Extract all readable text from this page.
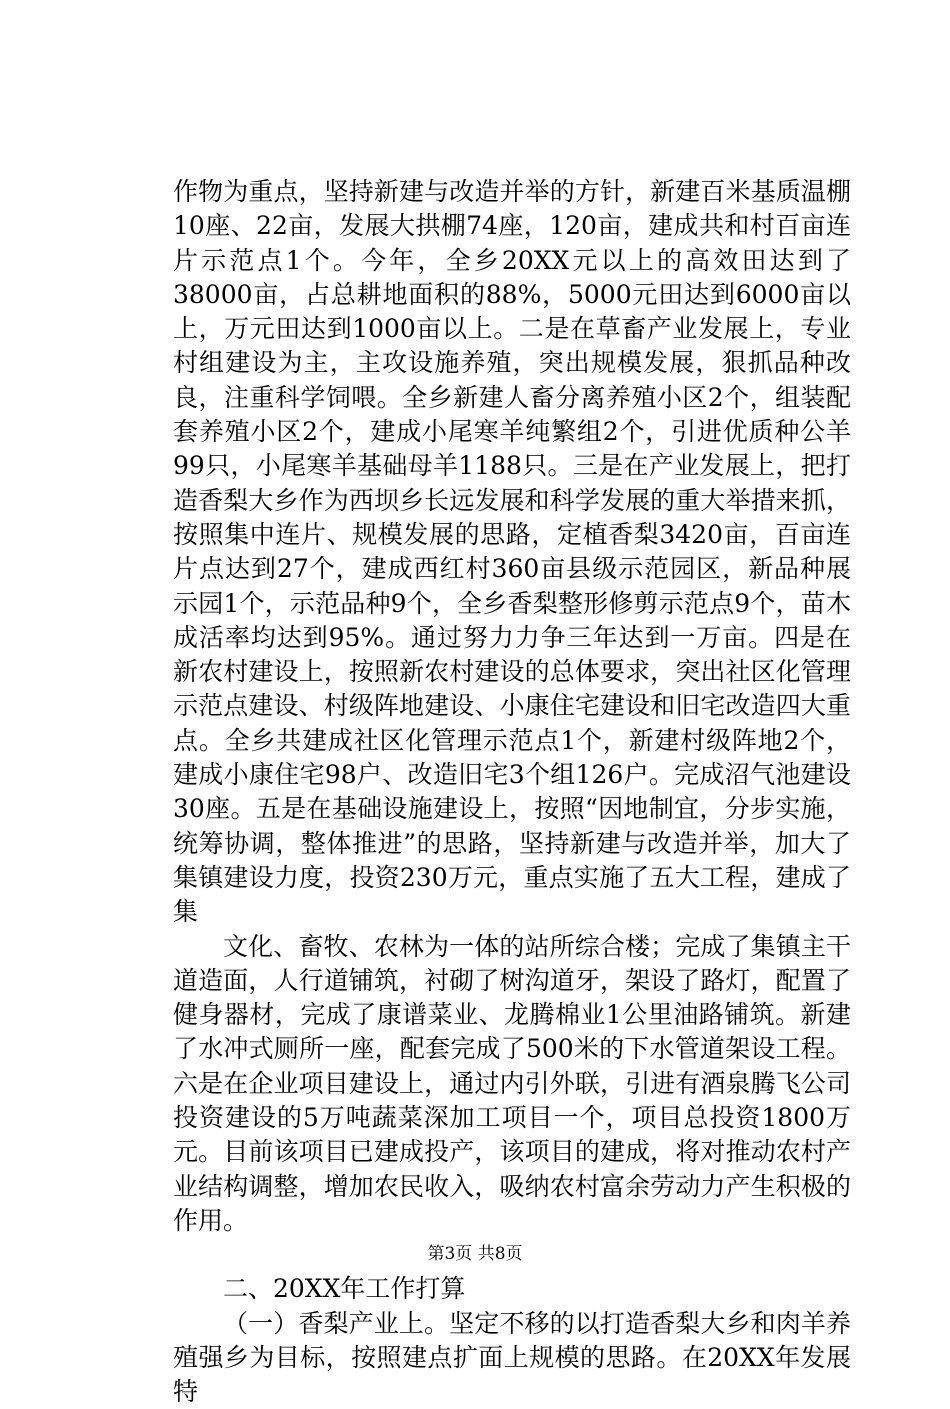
作物为重点，坚持新建与改造并举的方针，新建百米基质温棚10座、22亩，发展大拱棚74座，120亩，建成共和村百亩连片示范点1个。今年，全乡20XX元以上的高效田达到了38000亩，占总耕地面积的88%，5000元田达到6000亩以上，万元田达到1000亩以上。二是在草畜产业发展上，专业村组建设为主，主攻设施养殖，突出规模发展，狠抓品种改良，注重科学饲喂。全乡新建人畜分离养殖小区2个，组装配套养殖小区2个，建成小尾寒羊纯繁组2个，引进优质种公羊99只，小尾寒羊基础母羊1188只。三是在产业发展上，把打造香梨大乡作为西坝乡长远发展和科学发展的重大举措来抓，按照集中连片、规模发展的思路，定植香梨3420亩，百亩连片点达到27个，建成西红村360亩县级示范园区，新品种展示园1个，示范品种9个，全乡香梨整形修剪示范点9个，苗木成活率均达到95%。通过努力力争三年达到一万亩。四是在新农村建设上，按照新农村建设的总体要求，突出社区化管理示范点建设、村级阵地建设、小康住宅建设和旧宅改造四大重点。全乡共建成社区化管理示范点1个，新建村级阵地2个，建成小康住宅98户、改造旧宅3个组126户。完成沼气池建设30座。五是在基础设施建设上，按照“因地制宜，分步实施，统筹协调，整体推进”的思路，坚持新建与改造并举，加大了集镇建设力度，投资230万元，重点实施了五大工程，建成了集

文化、畜牧、农林为一体的站所综合楼；完成了集镇主干道造面，人行道铺筑，衬砌了树沟道牙，架设了路灯，配置了健身器材，完成了康谱菜业、龙腾棉业1公里油路铺筑。新建了水冲式厕所一座，配套完成了500米的下水管道架设工程。六是在企业项目建设上，通过内引外联，引进有酒泉腾飞公司投资建设的5万吨蔬菜深加工项目一个，项目总投资1800万元。目前该项目已建成投产，该项目的建成，将对推动农村产业结构调整，增加农民收入，吸纳农村富余劳动力产生积极的作用。

二、20XX年工作打算

（一）香梨产业上。坚定不移的以打造香梨大乡和肉羊养殖强乡为目标，按照建点扩面上规模的思路。在20XX年发展特

第3页 共8页
